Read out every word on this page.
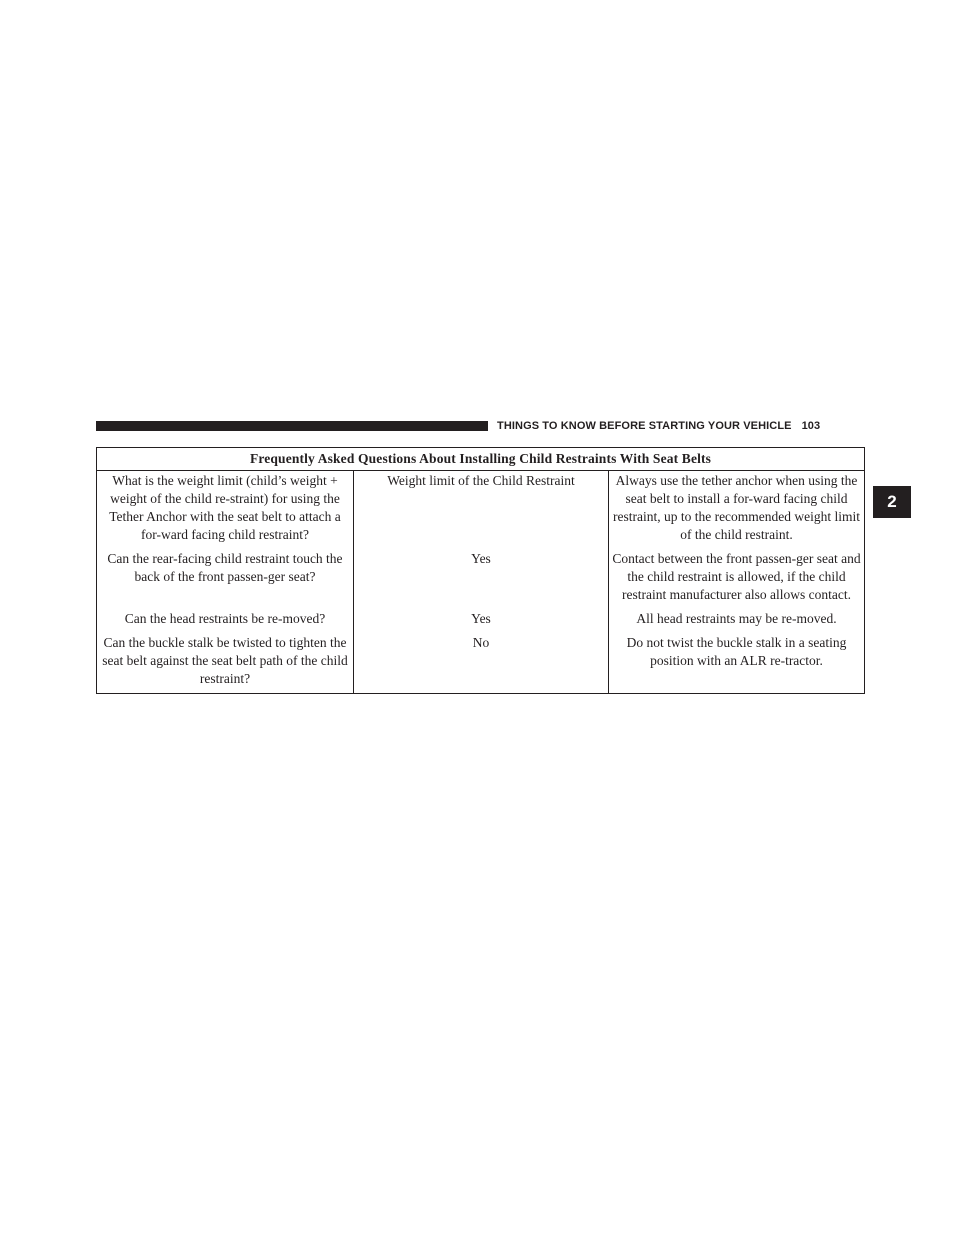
THINGS TO KNOW BEFORE STARTING YOUR VEHICLE 103
2
Frequently Asked Questions About Installing Child Restraints With Seat Belts		
What is the weight limit (child’s weight + weight of the child re-straint) for using the Tether Anchor with the seat belt to attach a for-ward facing child restraint?	Weight limit of the Child Restraint	Always use the tether anchor when using the seat belt to install a for-ward facing child restraint, up to the recommended weight limit of the child restraint.
Can the rear-facing child restraint touch the back of the front passen-ger seat?	Yes	Contact between the front passen-ger seat and the child restraint is allowed, if the child restraint manufacturer also allows contact.
Can the head restraints be re-moved?	Yes	All head restraints may be re-moved.
Can the buckle stalk be twisted to tighten the seat belt against the seat belt path of the child restraint?	No	Do not twist the buckle stalk in a seating position with an ALR re-tractor.
